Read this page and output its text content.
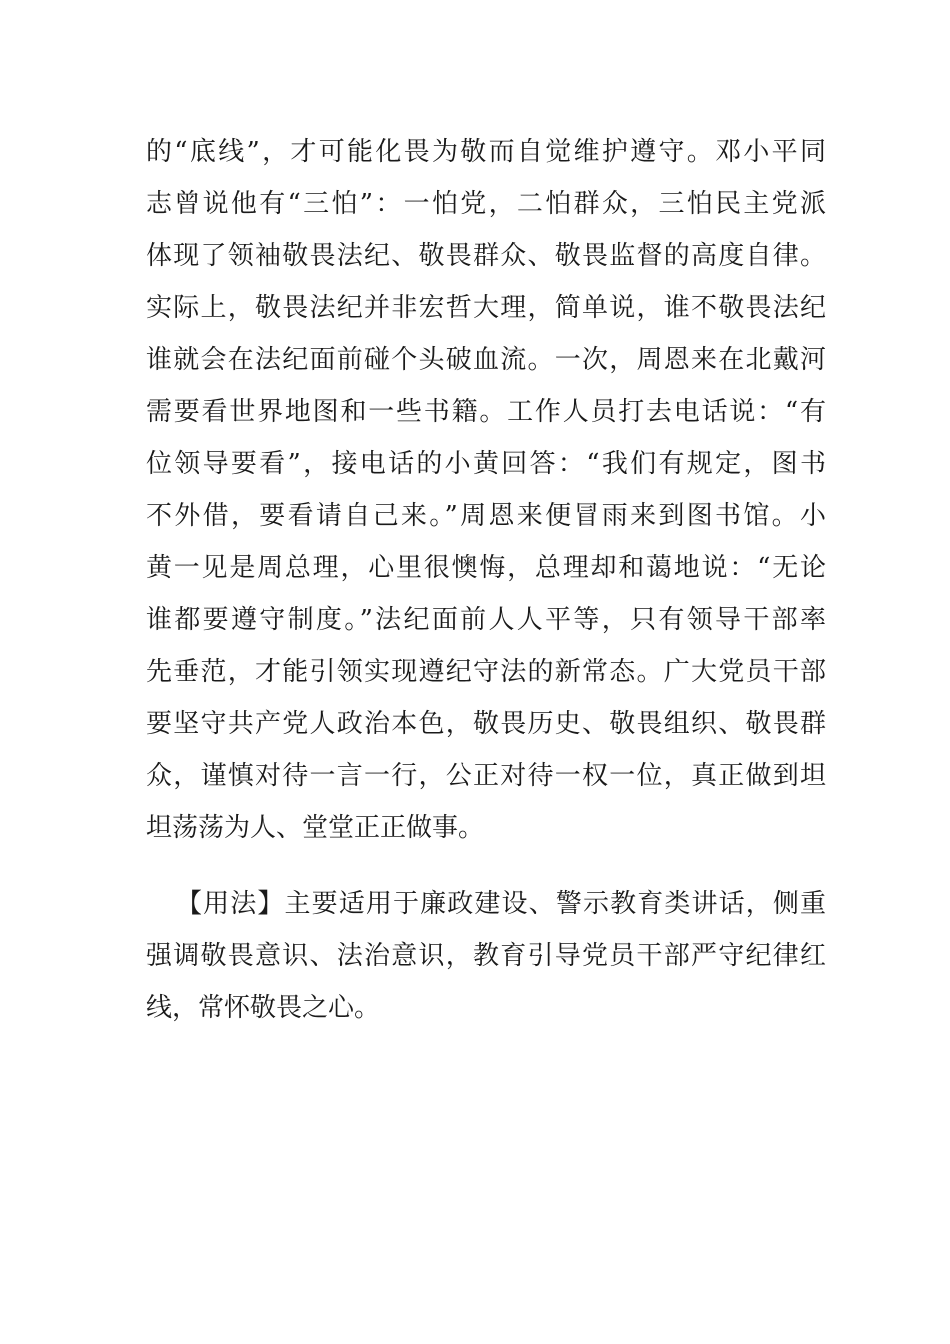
的“底线”，才可能化畏为敬而自觉维护遵守。邓小平同
志曾说他有“三怕”：一怕党，二怕群众，三怕民主党派
体现了领袖敬畏法纪、敬畏群众、敬畏监督的高度自律。
实际上，敬畏法纪并非宏哲大理，简单说，谁不敬畏法纪
谁就会在法纪面前碰个头破血流。一次，周恩来在北戴河
需要看世界地图和一些书籍。工作人员打去电话说：“有
位领导要看”，接电话的小黄回答：“我们有规定，图书
不外借，要看请自己来。”周恩来便冒雨来到图书馆。小
黄一见是周总理，心里很懊悔，总理却和蔼地说：“无论
谁都要遵守制度。”法纪面前人人平等，只有领导干部率
先垂范，才能引领实现遵纪守法的新常态。广大党员干部
要坚守共产党人政治本色，敬畏历史、敬畏组织、敬畏群
众，谨慎对待一言一行，公正对待一权一位，真正做到坦
坦荡荡为人、堂堂正正做事。
【用法】主要适用于廉政建设、警示教育类讲话，侧重
强调敬畏意识、法治意识，教育引导党员干部严守纪律红
线，常怀敬畏之心。
